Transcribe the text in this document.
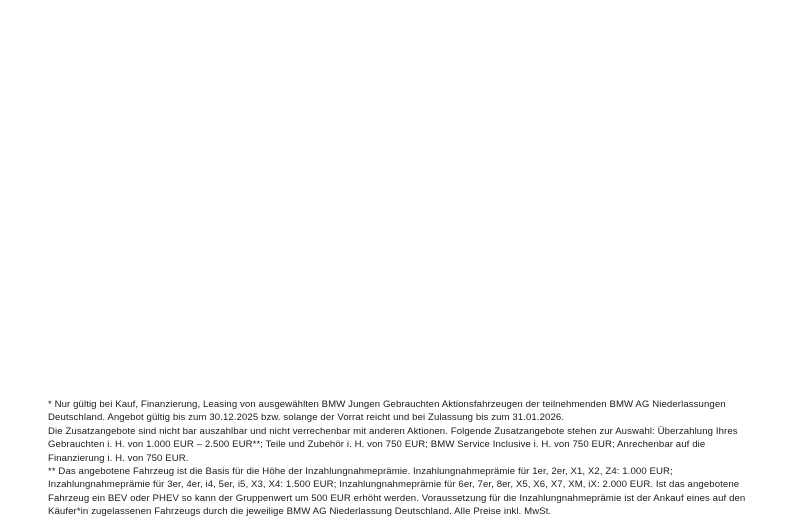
* Nur gültig bei Kauf, Finanzierung, Leasing von ausgewählten BMW Jungen Gebrauchten Aktionsfahrzeugen der teilnehmenden BMW AG Niederlassungen Deutschland. Angebot gültig bis zum 30.12.2025 bzw. solange der Vorrat reicht und bei Zulassung bis zum 31.01.2026.

Die Zusatzangebote sind nicht bar auszahlbar und nicht verrechenbar mit anderen Aktionen. Folgende Zusatzangebote stehen zur Auswahl: Überzahlung Ihres Gebrauchten i. H. von 1.000 EUR – 2.500 EUR**; Teile und Zubehör i. H. von 750 EUR; BMW Service Inclusive i. H. von 750 EUR; Anrechenbar auf die Finanzierung i. H. von 750 EUR.

** Das angebotene Fahrzeug ist die Basis für die Höhe der Inzahlungnahmeprämie. Inzahlungnahmeprämie für 1er, 2er, X1, X2, Z4: 1.000 EUR; Inzahlungnahmeprämie für 3er, 4er, i4, 5er, i5, X3, X4: 1.500 EUR; Inzahlungnahmeprämie für 6er, 7er, 8er, X5, X6, X7, XM, iX: 2.000 EUR. Ist das angebotene Fahrzeug ein BEV oder PHEV so kann der Gruppenwert um 500 EUR erhöht werden. Voraussetzung für die Inzahlungnahmeprämie ist der Ankauf eines auf den Käufer*in zugelassenen Fahrzeugs durch die jeweilige BMW AG Niederlassung Deutschland. Alle Preise inkl. MwSt.
